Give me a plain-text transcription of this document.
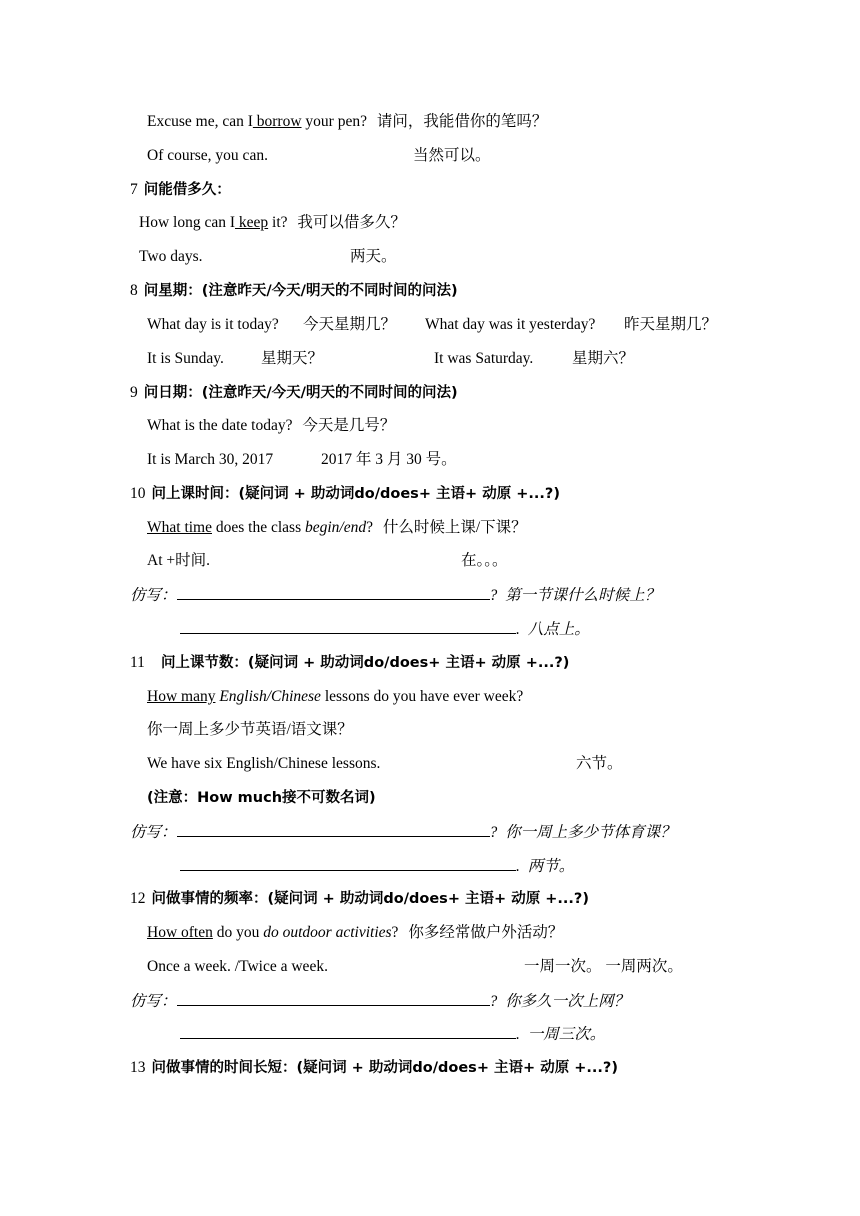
Excuse me, can I borrow your pen? 请问，我能借你的笔吗？
Of course, you can.	当然可以。
7 问能借多久：
How long can I keep it? 我可以借多久？
Two days.	两天。
8 问星期：(注意昨天/今天/明天的不同时间的问法)
What day is it today? 今天星期几？ What day was it yesterday? 昨天星期几？
It is Sunday. 星期天？	It was Saturday. 星期六？
9 问日期：(注意昨天/今天/明天的不同时间的问法)
What is the date today? 今天是几号？
It is March 30, 2017	2017 年 3 月 30 号。
10 问上课时间：(疑问词 + 助动词do/does+ 主语+ 动原 +...?)
What time does the class begin/end? 什么时候上课/下课？
At +时间.	在。。。
仿写：	? 第一节课什么时候上？
. 八点上。
11 问上课节数：(疑问词 + 助动词do/does+ 主语+ 动原 +...?)
How many English/Chinese lessons do you have ever week?
你一周上多少节英语/语文课？
We have six English/Chinese lessons.	六节。
(注意：How much接不可数名词)
仿写：	? 你一周上多少节体育课？
. 两节。
12 问做事情的频率：(疑问词 + 助动词do/does+ 主语+ 动原 +...?)
How often do you do outdoor activities? 你多经常做户外活动？
Once a week. /Twice a week.	一周一次。 一周两次。
仿写：	? 你多久一次上网？
. 一周三次。
13 问做事情的时间长短：(疑问词 + 助动词do/does+ 主语+ 动原 +...?)
